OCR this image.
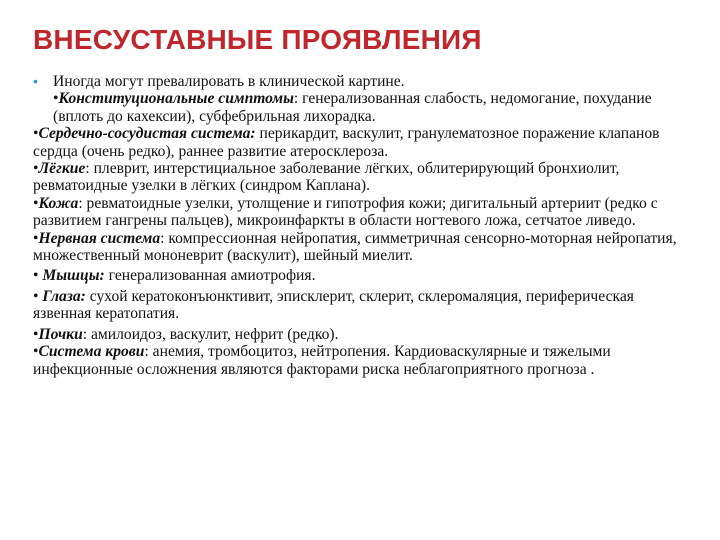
ВНЕСУСТАВНЫЕ ПРОЯВЛЕНИЯ

• Иногда могут превалировать в клинической картине.

•Конституциональные симптомы: генерализованная слабость, недомогание, похудание (вплоть до кахексии), субфебрильная лихорадка.

•Сердечно-сосудистая система: перикардит, васкулит, гранулематозное поражение клапанов сердца (очень редко), раннее развитие атеросклероза.

•Лёгкие: плеврит, интерстициальное заболевание лёгких, облитерирующий бронхиолит, ревматоидные узелки в лёгких (синдром Каплана).

•Кожа: ревматоидные узелки, утолщение и гипотрофия кожи; дигитальный артериит (редко с развитием гангрены пальцев), микроинфаркты в области ногтевого ложа, сетчатое ливедо.

•Нервная система: компрессионная нейропатия, симметричная сенсорно-моторная нейропатия, множественный мононеврит (васкулит), шейный миелит.

• Мышцы: генерализованная амиотрофия.

• Глаза: сухой кератоконъюнктивит, эписклерит, склерит, склеромаляция, периферическая язвенная кератопатия.

•Почки: амилоидоз, васкулит, нефрит (редко).

•Система крови: анемия, тромбоцитоз, нейтропения. Кардиоваскулярные и тяжелыми инфекционные осложнения являются факторами риска неблагоприятного прогноза .
